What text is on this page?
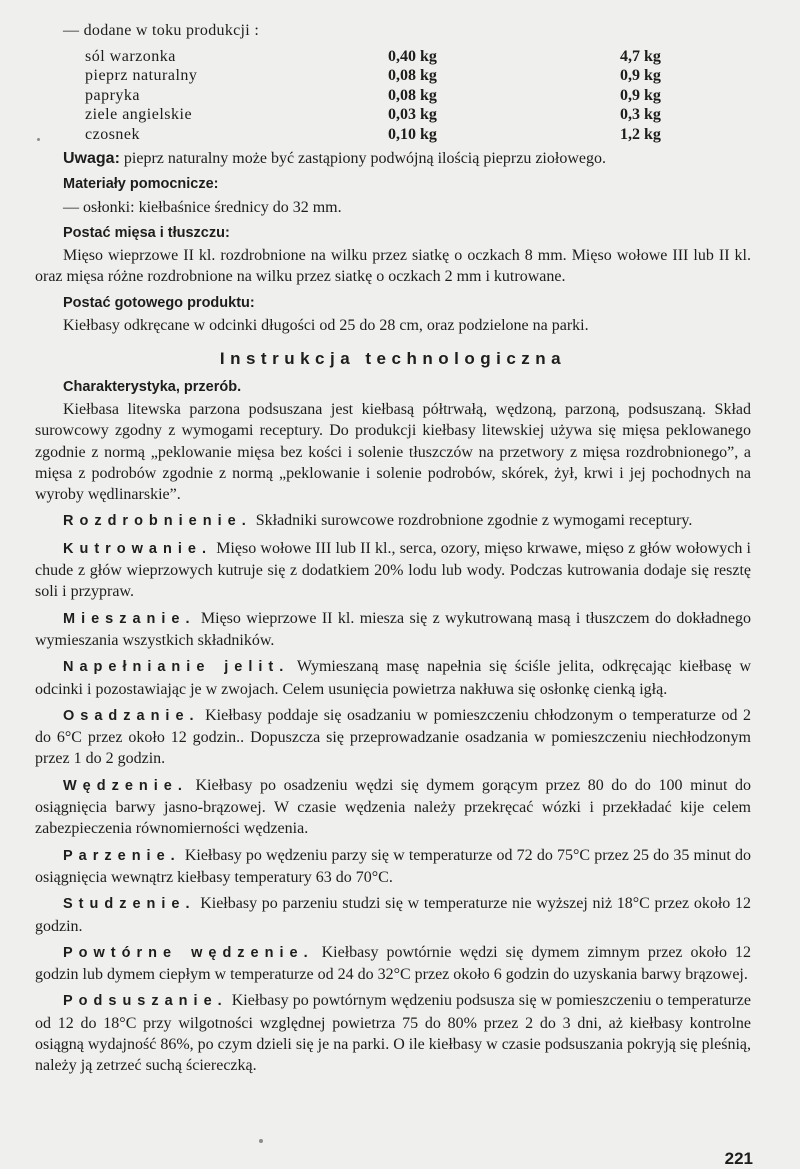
— dodane w toku produkcji :
sól warzonka	0,40 kg	4,7 kg
pieprz naturalny	0,08 kg	0,9 kg
papryka	0,08 kg	0,9 kg
ziele angielskie	0,03 kg	0,3 kg
czosnek	0,10 kg	1,2 kg

Uwaga: pieprz naturalny może być zastąpiony podwójną ilością pieprzu ziołowego.

Materiały pomocnicze:

— osłonki: kiełbaśnice średnicy do 32 mm.

Postać mięsa i tłuszczu:

Mięso wieprzowe II kl. rozdrobnione na wilku przez siatkę o oczkach 8 mm. Mięso wołowe III lub II kl. oraz mięsa różne rozdrobnione na wilku przez siatkę o oczkach 2 mm i kutrowane.

Postać gotowego produktu:

Kiełbasy odkręcane w odcinki długości od 25 do 28 cm, oraz podzielone na parki.

Instrukcja technologiczna

Charakterystyka, przerób.

Kiełbasa litewska parzona podsuszana jest kiełbasą półtrwałą, wędzoną, parzoną, podsuszaną. Skład surowcowy zgodny z wymogami receptury. Do produkcji kiełbasy litewskiej używa się mięsa peklowanego zgodnie z normą „peklowanie mięsa bez kości i solenie tłuszczów na przetwory z mięsa rozdrobnionego”, a mięsa z podrobów zgodnie z normą „peklowanie i solenie podrobów, skórek, żył, krwi i jej pochodnych na wyroby wędlinarskie”.

Rozdrobnienie. Składniki surowcowe rozdrobnione zgodnie z wymogami receptury.

Kutrowanie. Mięso wołowe III lub II kl., serca, ozory, mięso krwawe, mięso z głów wołowych i chude z głów wieprzowych kutruje się z dodatkiem 20% lodu lub wody. Podczas kutrowania dodaje się resztę soli i przypraw.

Mieszanie. Mięso wieprzowe II kl. miesza się z wykutrowaną masą i tłuszczem do dokładnego wymieszania wszystkich składników.

Napełnianie jelit. Wymieszaną masę napełnia się ściśle jelita, odkręcając kiełbasę w odcinki i pozostawiając je w zwojach. Celem usunięcia powietrza nakłuwa się osłonkę cienką igłą.

Osadzanie. Kiełbasy poddaje się osadzaniu w pomieszczeniu chłodzonym o temperaturze od 2 do 6°C przez około 12 godzin.. Dopuszcza się przeprowadzanie osadzania w pomieszczeniu niechłodzonym przez 1 do 2 godzin.

Wędzenie. Kiełbasy po osadzeniu wędzi się dymem gorącym przez 80 do do 100 minut do osiągnięcia barwy jasno-brązowej. W czasie wędzenia należy przekręcać wózki i przekładać kije celem zabezpieczenia równomierności wędzenia.

Parzenie. Kiełbasy po wędzeniu parzy się w temperaturze od 72 do 75°C przez 25 do 35 minut do osiągnięcia wewnątrz kiełbasy temperatury 63 do 70°C.

Studzenie. Kiełbasy po parzeniu studzi się w temperaturze nie wyższej niż 18°C przez około 12 godzin.

Powtórne wędzenie. Kiełbasy powtórnie wędzi się dymem zimnym przez około 12 godzin lub dymem ciepłym w temperaturze od 24 do 32°C przez około 6 godzin do uzyskania barwy brązowej.

Podsuszanie. Kiełbasy po powtórnym wędzeniu podsusza się w pomieszczeniu o temperaturze od 12 do 18°C przy wilgotności względnej powietrza 75 do 80% przez 2 do 3 dni, aż kiełbasy kontrolne osiągną wydajność 86%, po czym dzieli się je na parki. O ile kiełbasy w czasie podsuszania pokryją się pleśnią, należy ją zetrzeć suchą ściereczką.

221
